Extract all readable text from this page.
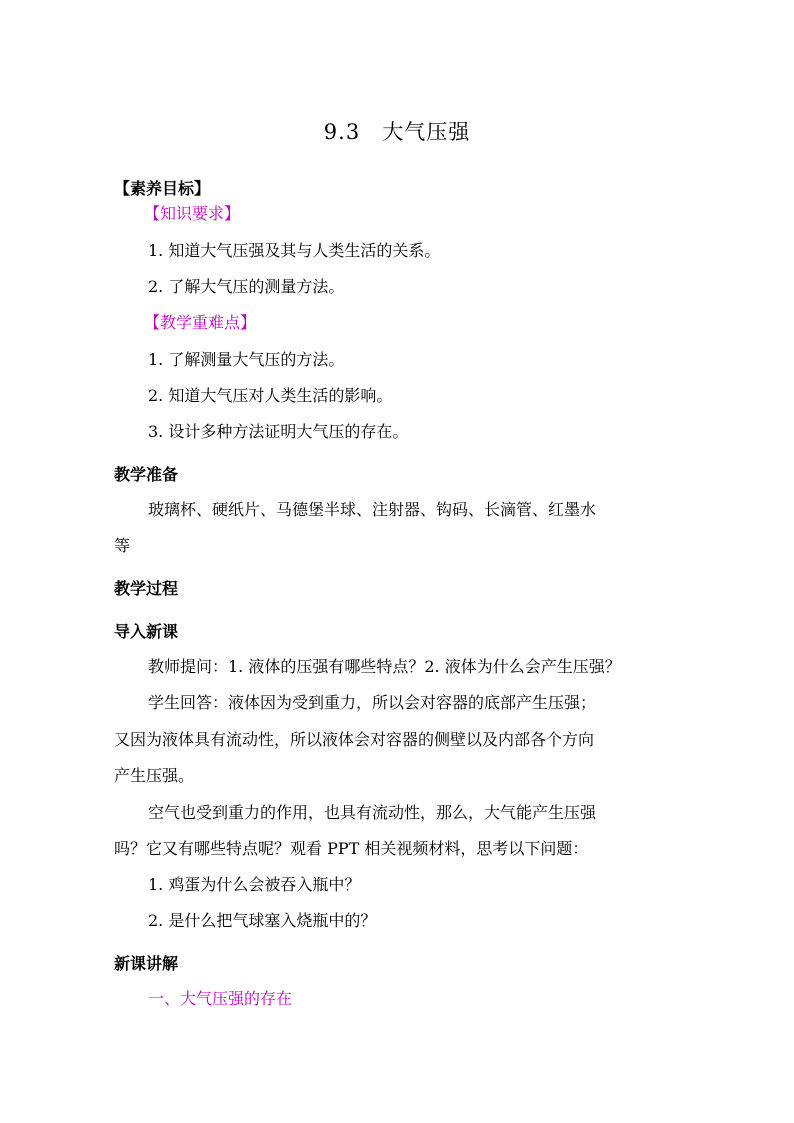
9.3 大气压强
【素养目标】
【知识要求】
1. 知道大气压强及其与人类生活的关系。
2. 了解大气压的测量方法。
【教学重难点】
1. 了解测量大气压的方法。
2. 知道大气压对人类生活的影响。
3. 设计多种方法证明大气压的存在。
教学准备
玻璃杯、硬纸片、马德堡半球、注射器、钩码、长滴管、红墨水
等
教学过程
导入新课
教师提问：1. 液体的压强有哪些特点？2. 液体为什么会产生压强？
学生回答：液体因为受到重力，所以会对容器的底部产生压强；
又因为液体具有流动性，所以液体会对容器的侧壁以及内部各个方向
产生压强。
空气也受到重力的作用，也具有流动性，那么，大气能产生压强
吗？它又有哪些特点呢？观看 PPT 相关视频材料，思考以下问题：
1. 鸡蛋为什么会被吞入瓶中？
2. 是什么把气球塞入烧瓶中的？
新课讲解
一、大气压强的存在
